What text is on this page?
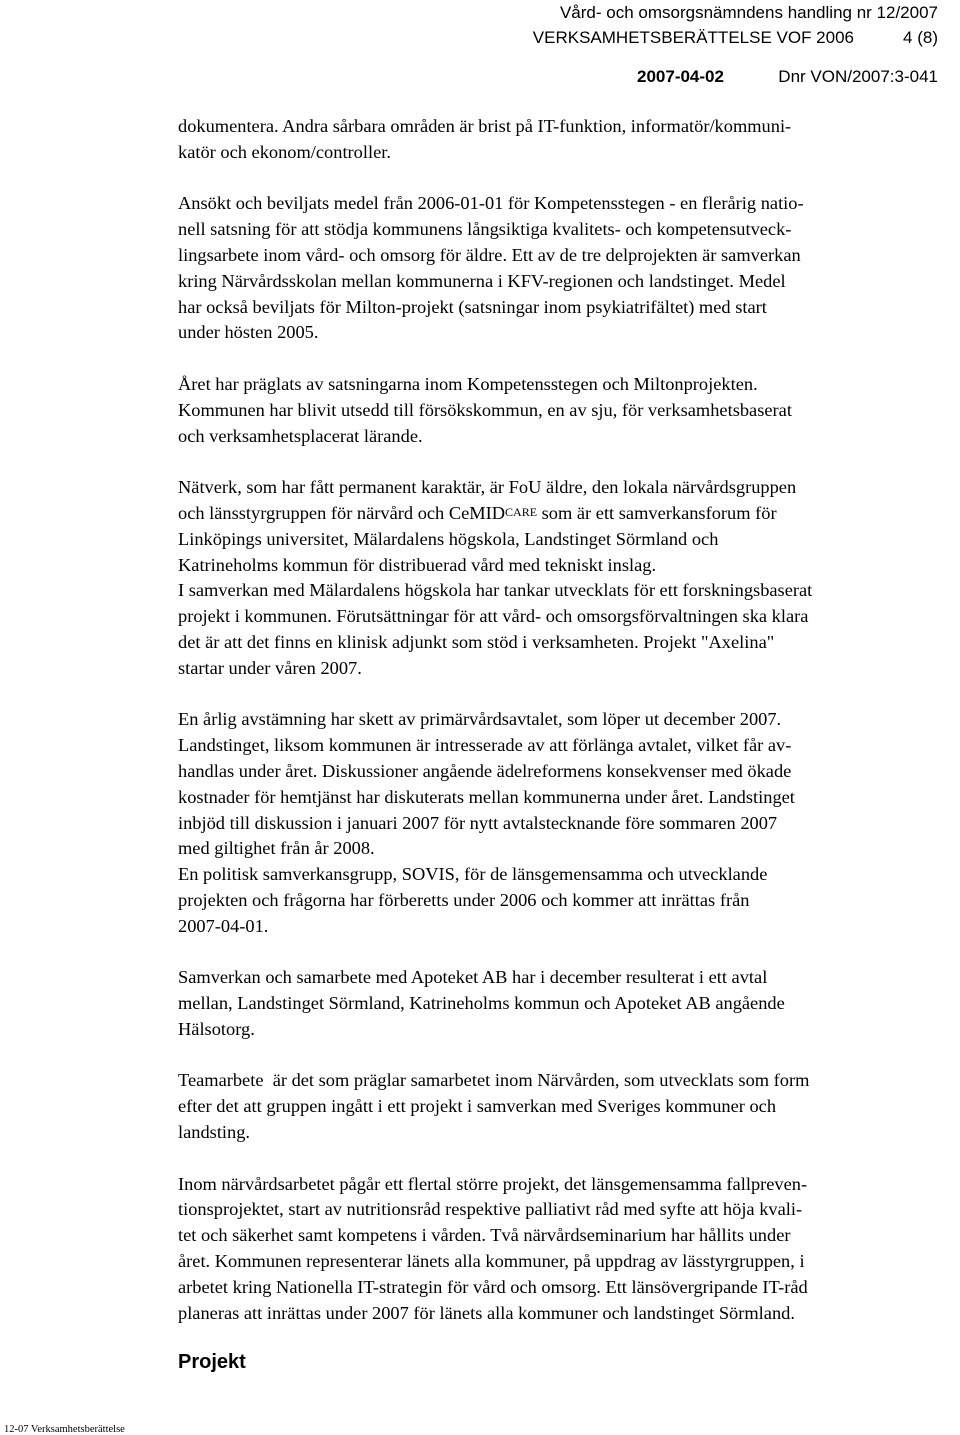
Vård- och omsorgsnämndens handling nr 12/2007
VERKSAMHETSBERÄTTELSE VOF 2006	4 (8)
2007-04-02	Dnr VON/2007:3-041

dokumentera. Andra sårbara områden är brist på IT-funktion, informatör/kommuni-

katör och ekonom/controller.

Ansökt och beviljats medel från 2006-01-01 för Kompetensstegen - en flerårig natio-

nell satsning för att stödja kommunens långsiktiga kvalitets- och kompetensutveck-

lingsarbete inom vård- och omsorg för äldre. Ett av de tre delprojekten är samverkan

kring Närvårdsskolan mellan kommunerna i KFV-regionen och landstinget. Medel

har också beviljats för Milton-projekt (satsningar inom psykiatrifältet) med start

under hösten 2005.

Året har präglats av satsningarna inom Kompetensstegen och Miltonprojekten.

Kommunen har blivit utsedd till försökskommun, en av sju, för verksamhetsbaserat

och verksamhetsplacerat lärande.

Nätverk, som har fått permanent karaktär, är FoU äldre, den lokala närvårdsgruppen

och länsstyrgruppen för närvård och CeMID$^{CARE}$ som är ett samverkansforum för

Linköpings universitet, Mälardalens högskola, Landstinget Sörmland och

Katrineholms kommun för distribuerad vård med tekniskt inslag.

I samverkan med Mälardalens högskola har tankar utvecklats för ett forskningsbaserat

projekt i kommunen. Förutsättningar för att vård- och omsorgsförvaltningen ska klara

det är att det finns en klinisk adjunkt som stöd i verksamheten. Projekt "Axelina"

startar under våren 2007.

En årlig avstämning har skett av primärvårdsavtalet, som löper ut december 2007.

Landstinget, liksom kommunen är intresserade av att förlänga avtalet, vilket får av-

handlas under året. Diskussioner angående ädelreformens konsekvenser med ökade

kostnader för hemtjänst har diskuterats mellan kommunerna under året. Landstinget

inbjöd till diskussion i januari 2007 för nytt avtalstecknande före sommaren 2007

med giltighet från år 2008.

En politisk samverkansgrupp, SOVIS, för de länsgemensamma och utvecklande

projekten och frågorna har förberetts under 2006 och kommer att inrättas från

2007-04-01.

Samverkan och samarbete med Apoteket AB har i december resulterat i ett avtal

mellan, Landstinget Sörmland, Katrineholms kommun och Apoteket AB angående

Hälsotorg.

Teamarbete  är det som präglar samarbetet inom Närvården, som utvecklats som form

efter det att gruppen ingått i ett projekt i samverkan med Sveriges kommuner och

landsting.

Inom närvårdsarbetet pågår ett flertal större projekt, det länsgemensamma fallpreven-

tionsprojektet, start av nutritionsråd respektive palliativt råd med syfte att höja kvali-

tet och säkerhet samt kompetens i vården. Två närvårdseminarium har hållits under

året. Kommunen representerar länets alla kommuner, på uppdrag av lässtyrgruppen, i

arbetet kring Nationella IT-strategin för vård och omsorg. Ett länsövergripande IT-råd

planeras att inrättas under 2007 för länets alla kommuner och landstinget Sörmland.

Projekt
12-07 Verksamhetsberättelse
